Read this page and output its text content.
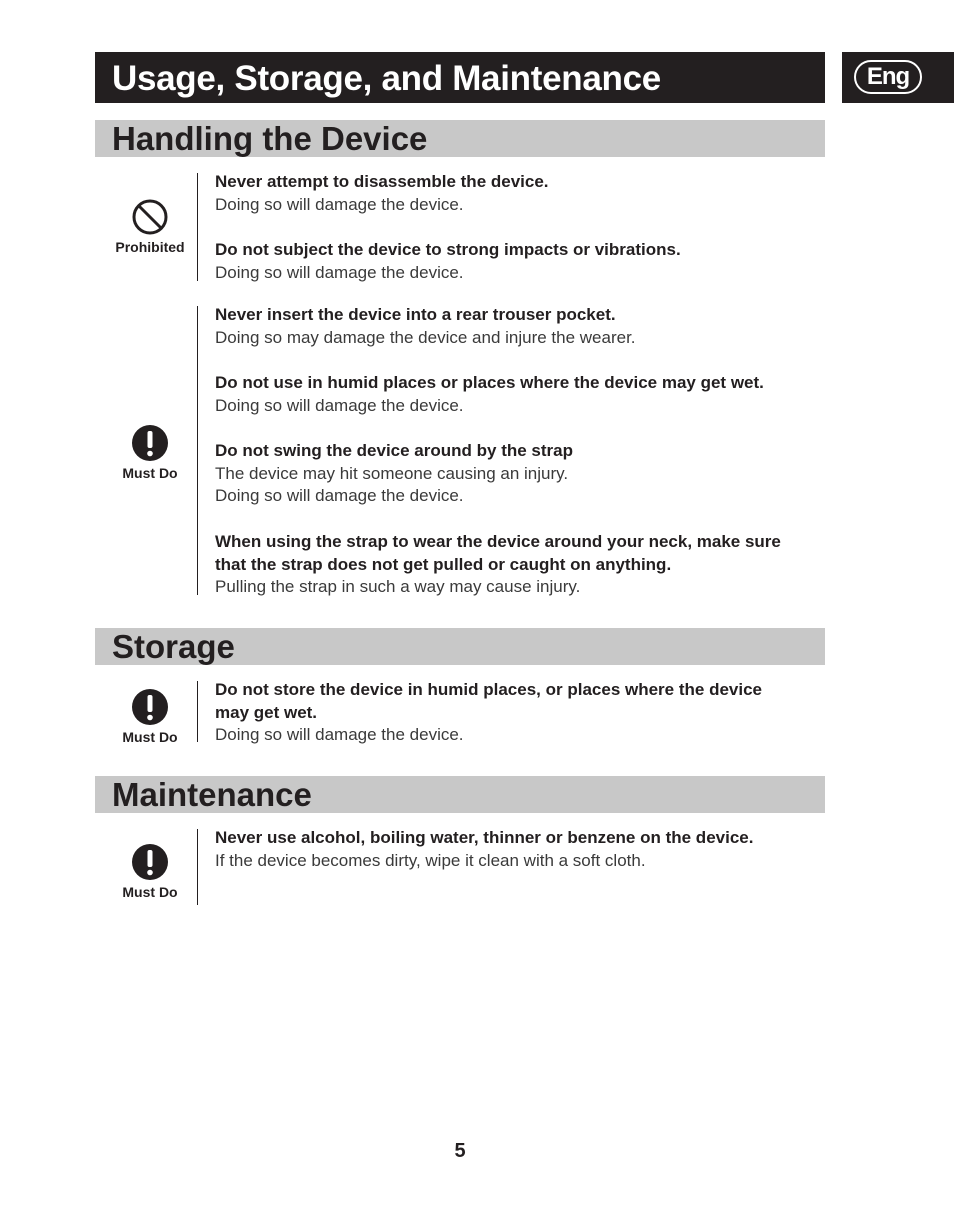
Usage, Storage, and Maintenance	Eng
Handling the Device
Prohibited
Never attempt to disassemble the device.
Doing so will damage the device.
Do not subject the device to strong impacts or vibrations.
Doing so will damage the device.
Must Do
Never insert the device into a rear trouser pocket.
Doing so may damage the device and injure the wearer.
Do not use in humid places or places where the device may get wet.
Doing so will damage the device.
Do not swing the device around by the strap
The device may hit someone causing an injury.
Doing so will damage the device.
When using the strap to wear the device around your neck, make sure
that the strap does not get pulled or caught on anything.
Pulling the strap in such a way may cause injury.
Storage
Must Do
Do not store the device in humid places, or places where the device
may get wet.
Doing so will damage the device.
Maintenance
Must Do
Never use alcohol, boiling water, thinner or benzene on the device.
If the device becomes dirty, wipe it clean with a soft cloth.
5
